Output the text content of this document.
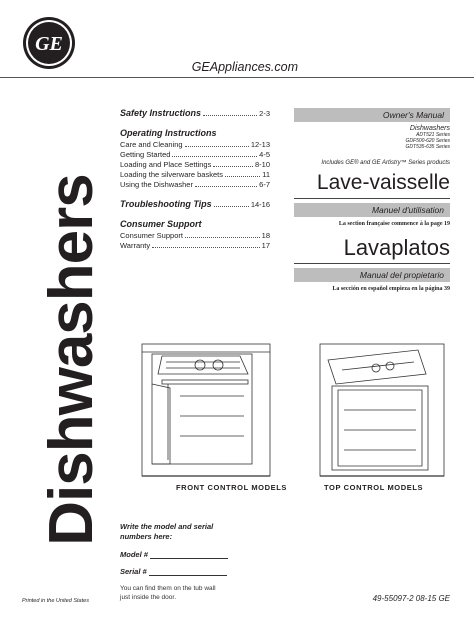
GE
GEAppliances.com
Dishwashers
Safety Instructions	2-3
Operating Instructions
Care and Cleaning	12-13
Getting Started	4-5
Loading and Place Settings	8-10
Loading the silverware baskets	11
Using the Dishwasher	6-7
Troubleshooting Tips	14-16
Consumer Support
Consumer Support	18
Warranty	17
Owner's Manual
Dishwashers
ADT521 Series
GDF500-620 Series
GDT535-635 Series
Includes GE® and GE Artistry™ Series products
Lave-vaisselle
Manuel d'utilisation
La section française commence à la page 19
Lavaplatos
Manual del propietario
La sección en español empieza en la página 39
FRONT CONTROL MODELS	TOP CONTROL MODELS
Write the model and serial
numbers here:
Model #
Serial #
You can find them on the tub wall
just inside the door.
Printed in the United States	49-55097-2 08-15 GE
